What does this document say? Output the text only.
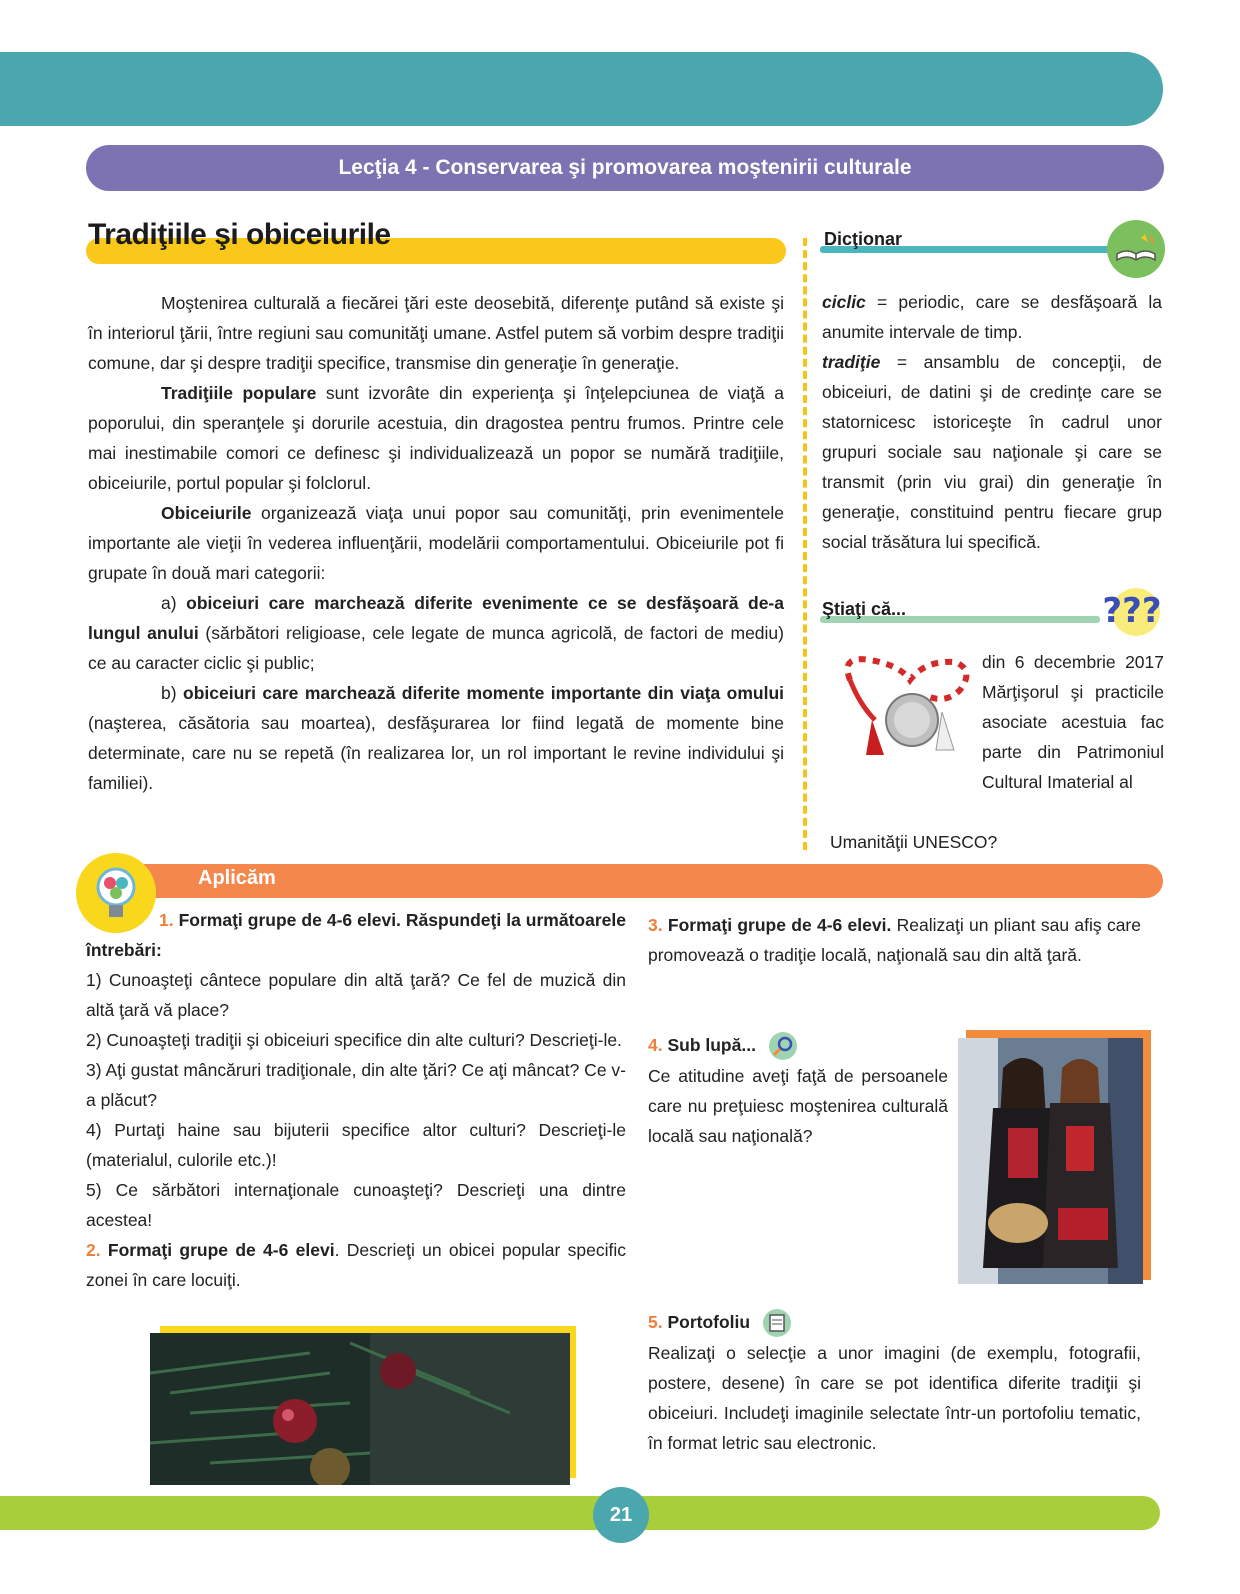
Lecţia 4 - Conservarea şi promovarea moştenirii culturale
Tradiţiile şi obiceiurile

Moştenirea culturală a fiecărei ţări este deosebită, diferenţe putând să existe şi în interiorul ţării, între regiuni sau comunităţi umane. Astfel putem să vorbim despre tradiţii comune, dar şi despre tradiţii specifice, transmise din generaţie în generaţie.

Tradiţiile populare sunt izvorâte din experienţa şi înţelepciunea de viaţă a poporului, din speranţele şi dorurile acestuia, din dragostea pentru frumos. Printre cele mai inestimabile comori ce definesc şi individualizează un popor se numără tradiţiile, obiceiurile, portul popular şi folclorul.

Obiceiurile organizează viaţa unui popor sau comunităţi, prin evenimentele importante ale vieţii în vederea influenţării, modelării comportamentului. Obiceiurile pot fi grupate în două mari categorii:

a) obiceiuri care marchează diferite evenimente ce se desfăşoară de-a lungul anului (sărbători religioase, cele legate de munca agricolă, de factori de mediu) ce au caracter ciclic şi public;

b) obiceiuri care marchează diferite momente importante din viaţa omului (naşterea, căsătoria sau moartea), desfăşurarea lor fiind legată de momente bine determinate, care nu se repetă (în realizarea lor, un rol important le revine individului şi familiei).

Dicţionar

ciclic = periodic, care se desfăşoară la anumite intervale de timp.

tradiţie = ansamblu de concepţii, de obiceiuri, de datini şi de credinţe care se statornicesc istoriceşte în cadrul unor grupuri sociale sau naţionale şi care se transmit (prin viu grai) din generaţie în generaţie, constituind pentru fiecare grup social trăsătura lui specifică.

Ştiaţi că...	???
din 6 decembrie 2017 Mărţişorul şi practicile asociate acestuia fac parte din Patrimoniul Cultural Imaterial al
Umanităţii UNESCO?
Aplicăm

1. Formaţi grupe de 4-6 elevi. Răspundeţi la următoarele întrebări:

1) Cunoaşteţi cântece populare din altă ţară? Ce fel de muzică din altă ţară vă place?

2) Cunoaşteţi tradiţii şi obiceiuri specifice din alte culturi? Descrieţi-le.

3) Aţi gustat mâncăruri tradiţionale, din alte ţări? Ce aţi mâncat? Ce v-a plăcut?

4) Purtaţi haine sau bijuterii specifice altor culturi? Descrieţi-le (materialul, culorile etc.)!

5) Ce sărbători internaţionale cunoaşteţi? Descrieţi una dintre acestea!

2. Formaţi grupe de 4-6 elevi. Descrieţi un obicei popular specific zonei în care locuiţi.

3. Formaţi grupe de 4-6 elevi. Realizaţi un pliant sau afiş care promovează o tradiţie locală, naţională sau din altă ţară.

4. Sub lupă...

Ce atitudine aveţi faţă de persoanele care nu preţuiesc moştenirea culturală locală sau naţională?

5. Portofoliu

Realizaţi o selecţie a unor imagini (de exemplu, fotografii, postere, desene) în care se pot identifica diferite tradiţii şi obiceiuri. Includeţi imaginile selectate într-un portofoliu tematic, în format letric sau electronic.

21
